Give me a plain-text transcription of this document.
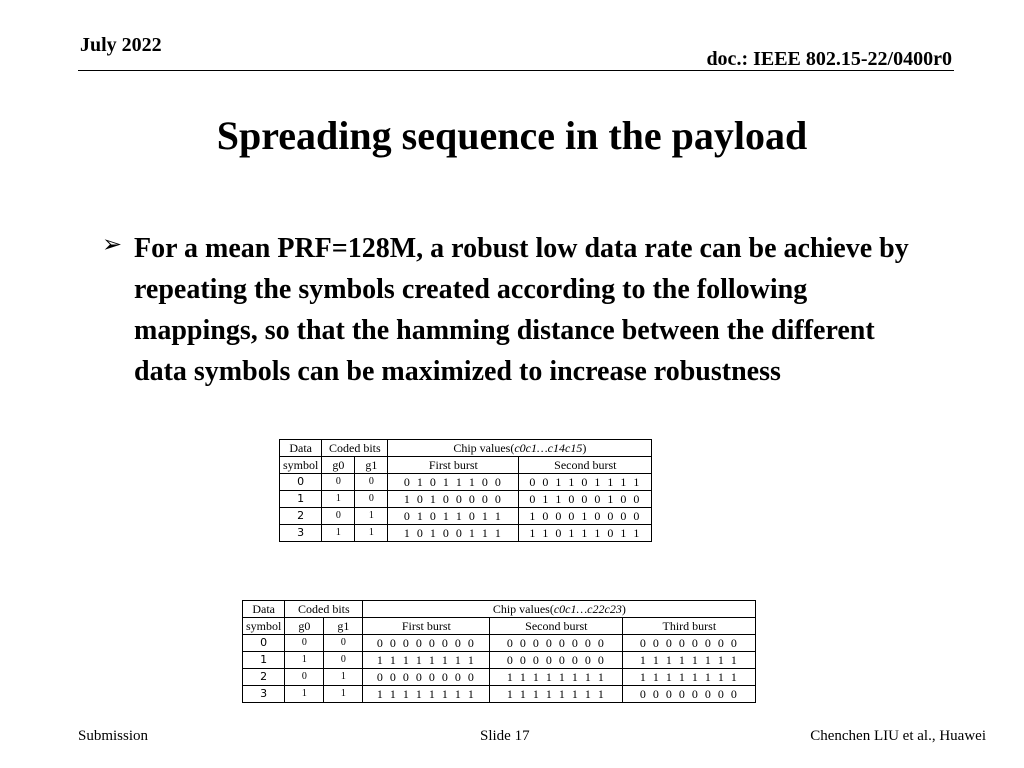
July 2022
doc.: IEEE 802.15-22/0400r0
Spreading sequence in the payload
➢ For a mean PRF=128M, a robust low data rate can be achieve by repeating the symbols created according to the following mappings, so that the hamming distance between the different data symbols can be maximized to increase robustness
Data	Coded bits		Chip values(c0c1…c14c15)	
symbol	g0	g1	First burst	Second burst
0	0	0	0 1 0 1 1 1 0 0	0 0 1 1 0 1 1 1 1
1	1	0	1 0 1 0 0 0 0 0	0 1 1 0 0 0 1 0 0
2	0	1	0 1 0 1 1 0 1 1	1 0 0 0 1 0 0 0 0
3	1	1	1 0 1 0 0 1 1 1	1 1 0 1 1 1 0 1 1
Data	Coded bits		Chip values(c0c1…c22c23)		
symbol	g0	g1	First burst	Second burst	Third burst
0	0	0	0 0 0 0 0 0 0 0	0 0 0 0 0 0 0 0	0 0 0 0 0 0 0 0
1	1	0	1 1 1 1 1 1 1 1	0 0 0 0 0 0 0 0	1 1 1 1 1 1 1 1
2	0	1	0 0 0 0 0 0 0 0	1 1 1 1 1 1 1 1	1 1 1 1 1 1 1 1
3	1	1	1 1 1 1 1 1 1 1	1 1 1 1 1 1 1 1	0 0 0 0 0 0 0 0
Submission	Slide 17	Chenchen LIU et al., Huawei
